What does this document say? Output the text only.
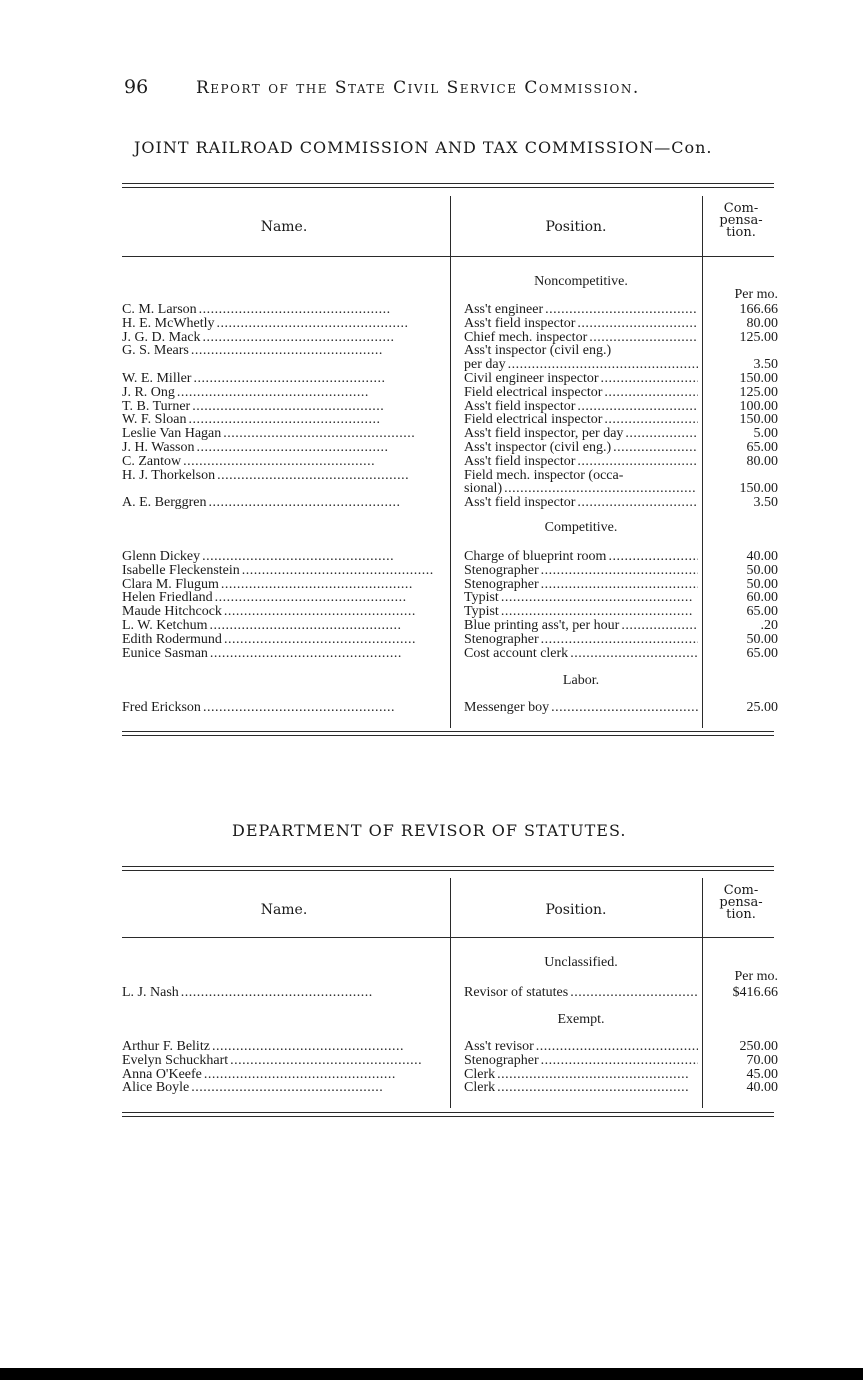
96	Report of the State Civil Service Commission.
JOINT RAILROAD COMMISSION AND TAX COMMISSION—Con.
Name.	Position.
Com-
pensa-
tion.
Noncompetitive.
Per mo.
C. M. Larson . . .	Ass't engineer . . .	166.66
H. E. McWhetly . . .	Ass't field inspector . . .	80.00
J. G. D. Mack . . .	Chief mech. inspector . . .	125.00
G. S. Mears . . .	Ass't inspector (civil eng.)
per day . . .	3.50
W. E. Miller . . .	Civil engineer inspector . . .	150.00
J. R. Ong . . .	Field electrical inspector . . .	125.00
T. B. Turner . . .	Ass't field inspector . . .	100.00
W. F. Sloan . . .	Field electrical inspector . . .	150.00
Leslie Van Hagan . . .	Ass't field inspector, per day . . .	5.00
J. H. Wasson . . .	Ass't inspector (civil eng.) . . .	65.00
C. Zantow . . .	Ass't field inspector . . .	80.00
H. J. Thorkelson . . .	Field mech. inspector (occa-
sional) . . .	150.00
A. E. Berggren . . .	Ass't field inspector . . .	3.50
Competitive.
Glenn Dickey . . .	Charge of blueprint room . . .	40.00
Isabelle Fleckenstein . . .	Stenographer . . .	50.00
Clara M. Flugum . . .	Stenographer . . .	50.00
Helen Friedland . . .	Typist . . .	60.00
Maude Hitchcock . . .	Typist . . .	65.00
L. W. Ketchum . . .	Blue printing ass't, per hour . . .	.20
Edith Rodermund . . .	Stenographer . . .	50.00
Eunice Sasman . . .	Cost account clerk . . .	65.00
Labor.
Fred Erickson . . .	Messenger boy . . .	25.00
DEPARTMENT OF REVISOR OF STATUTES.
Name.	Position.
Com-
pensa-
tion.
Unclassified.
Per mo.
L. J. Nash . . .	Revisor of statutes . . .	$416.66
Exempt.
Arthur F. Belitz . . .	Ass't revisor . . .	250.00
Evelyn Schuckhart . . .	Stenographer . . .	70.00
Anna O'Keefe . . .	Clerk . . .	45.00
Alice Boyle . . .	Clerk . . .	40.00
